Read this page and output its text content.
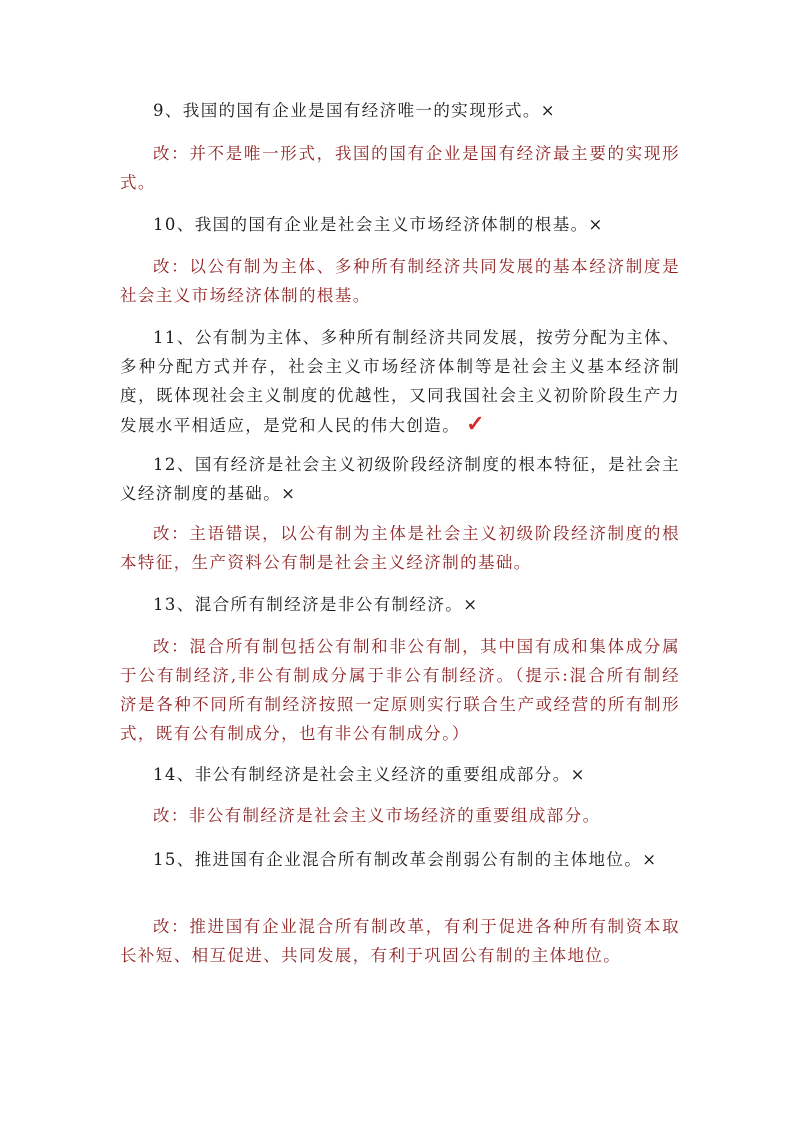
9、我国的国有企业是国有经济唯一的实现形式。×

改：并不是唯一形式，我国的国有企业是国有经济最主要的实现形式。

10、我国的国有企业是社会主义市场经济体制的根基。×

改：以公有制为主体、多种所有制经济共同发展的基本经济制度是社会主义市场经济体制的根基。

11、公有制为主体、多种所有制经济共同发展，按劳分配为主体、多种分配方式并存，社会主义市场经济体制等是社会主义基本经济制度，既体现社会主义制度的优越性，又同我国社会主义初阶阶段生产力发展水平相适应，是党和人民的伟大创造。 ✓

12、国有经济是社会主义初级阶段经济制度的根本特征，是社会主义经济制度的基础。×

改：主语错误，以公有制为主体是社会主义初级阶段经济制度的根本特征，生产资料公有制是社会主义经济制的基础。

13、混合所有制经济是非公有制经济。×

改：混合所有制包括公有制和非公有制，其中国有成和集体成分属于公有制经济,非公有制成分属于非公有制经济。（提示:混合所有制经济是各种不同所有制经济按照一定原则实行联合生产或经营的所有制形式，既有公有制成分，也有非公有制成分。）

14、非公有制经济是社会主义经济的重要组成部分。×

改：非公有制经济是社会主义市场经济的重要组成部分。

15、推进国有企业混合所有制改革会削弱公有制的主体地位。×

改：推进国有企业混合所有制改革，有利于促进各种所有制资本取长补短、相互促进、共同发展，有利于巩固公有制的主体地位。
